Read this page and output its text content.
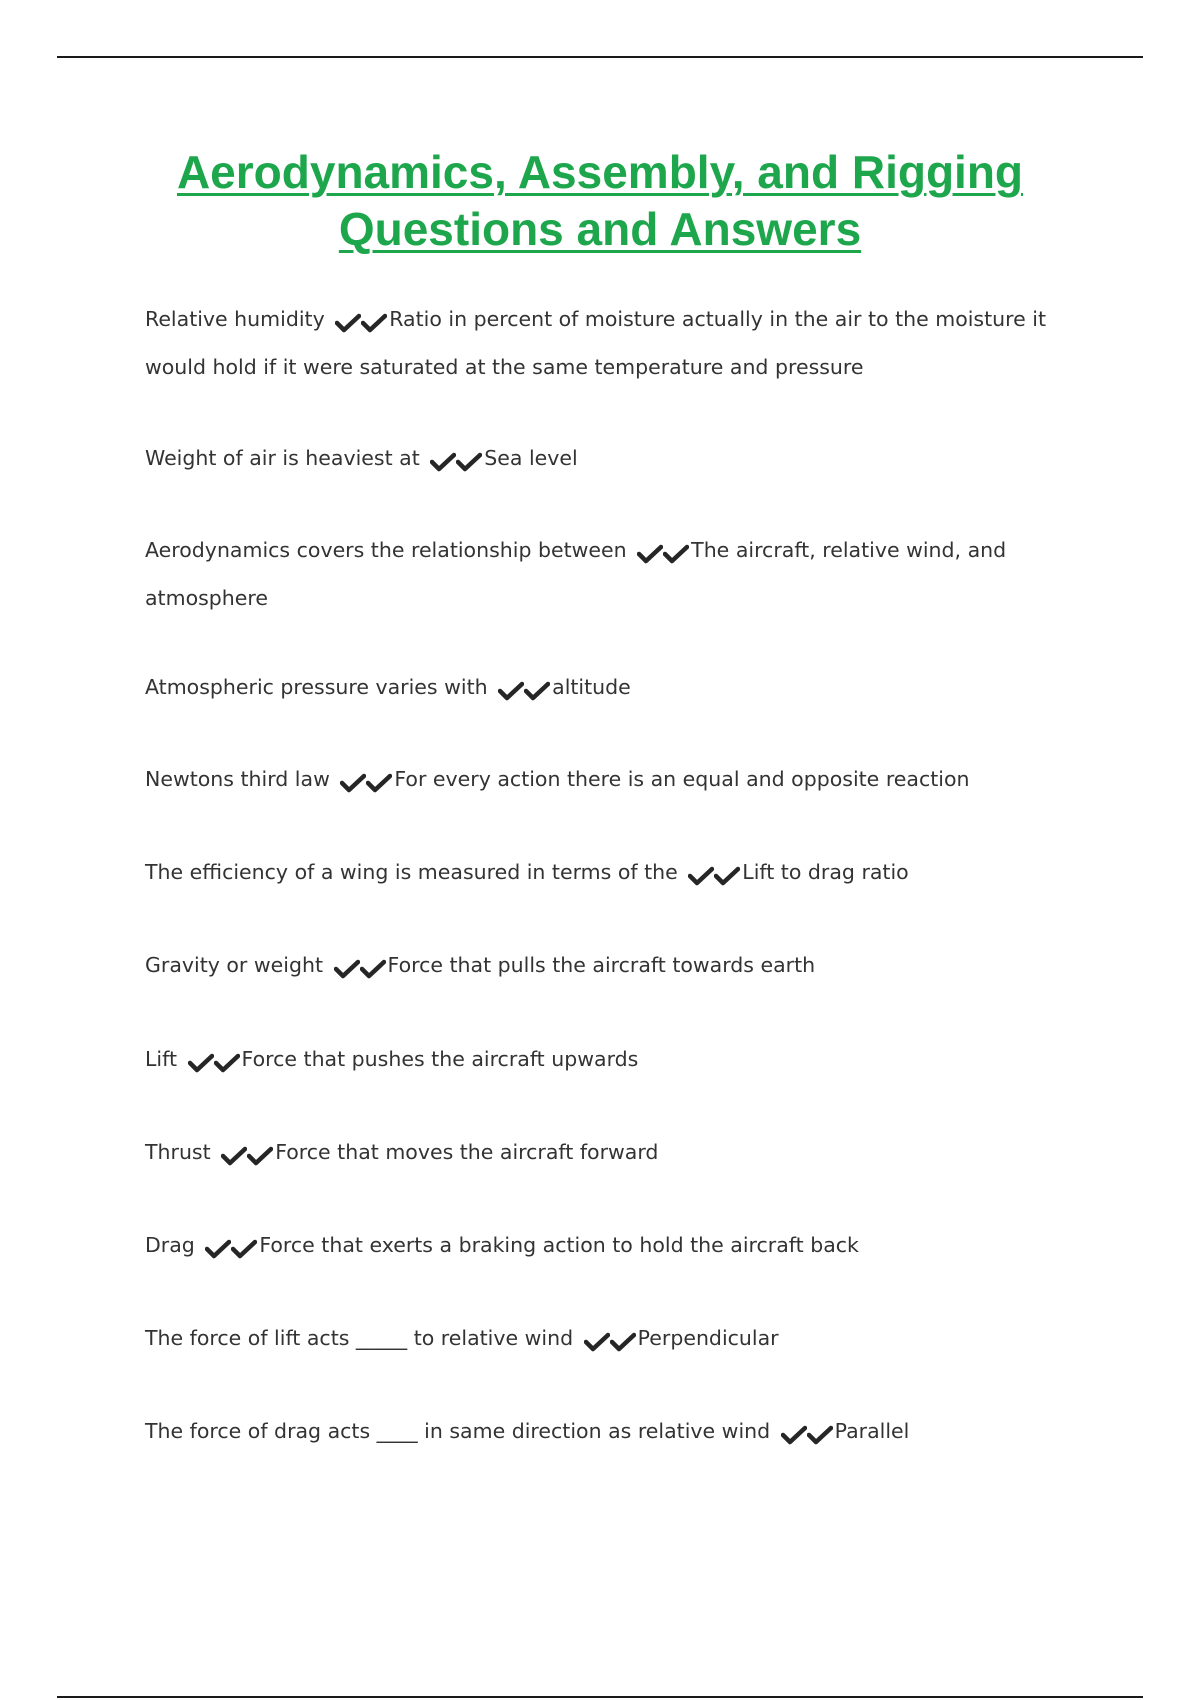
Aerodynamics, Assembly, and Rigging
Questions and Answers
Relative humidity	Ratio in percent of moisture actually in the air to the moisture it would hold if it were saturated at the same temperature and pressure
Weight of air is heaviest at	Sea level
Aerodynamics covers the relationship between	The aircraft, relative wind, and atmosphere
Atmospheric pressure varies with	altitude
Newtons third law	For every action there is an equal and opposite reaction
The efficiency of a wing is measured in terms of the	Lift to drag ratio
Gravity or weight	Force that pulls the aircraft towards earth
Lift	Force that pushes the aircraft upwards
Thrust	Force that moves the aircraft forward
Drag	Force that exerts a braking action to hold the aircraft back
The force of lift acts _____ to relative wind	Perpendicular
The force of drag acts ____ in same direction as relative wind	Parallel
